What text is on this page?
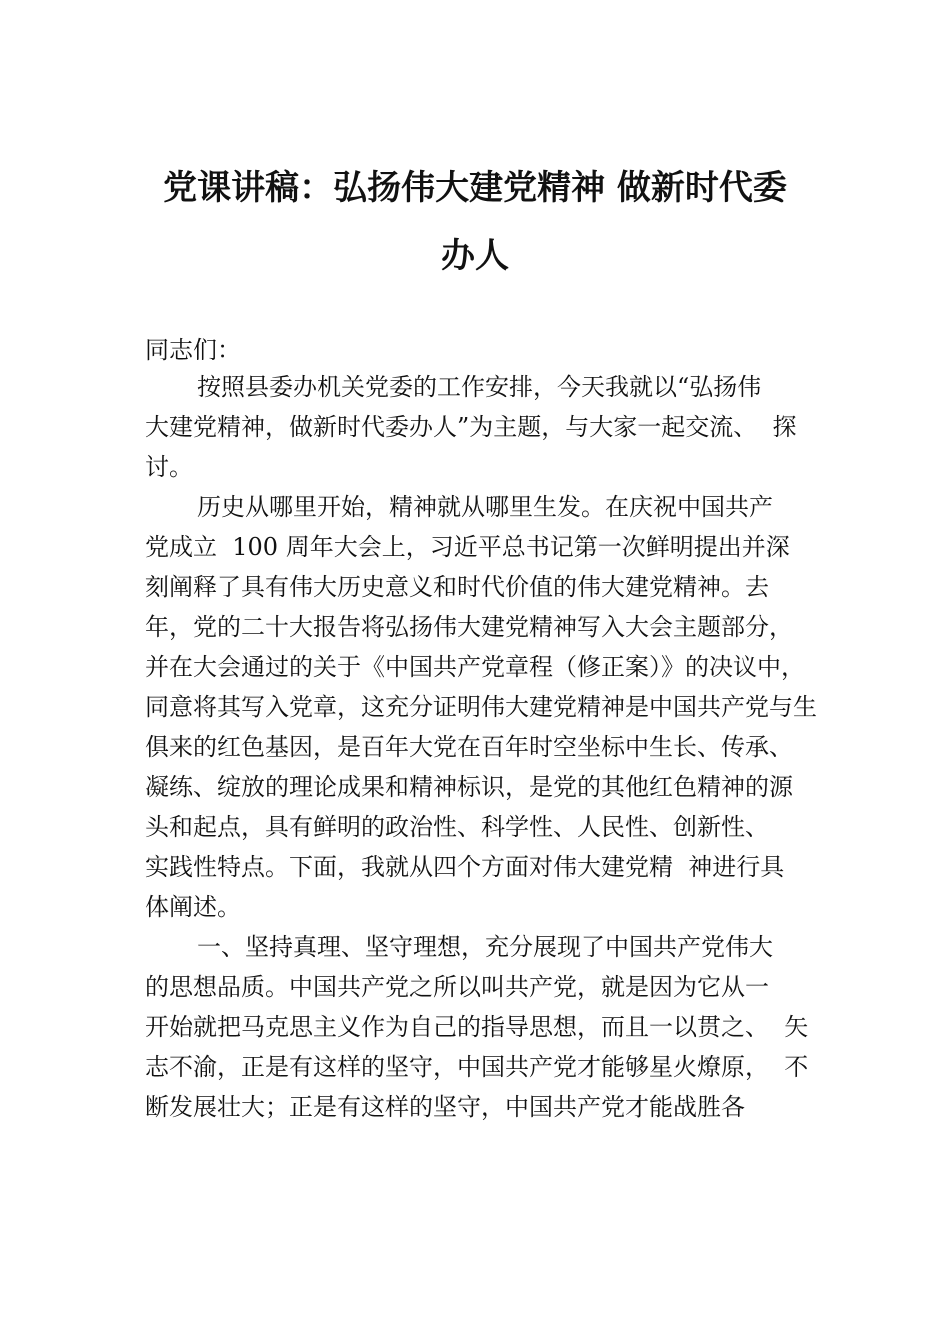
党课讲稿：弘扬伟大建党精神 做新时代委
办人
同志们：
按照县委办机关党委的工作安排，今天我就以“弘扬伟
大建党精神，做新时代委办人”为主题，与大家一起交流、  探
讨。
历史从哪里开始，精神就从哪里生发。在庆祝中国共产
党成立  100 周年大会上，习近平总书记第一次鲜明提出并深
刻阐释了具有伟大历史意义和时代价值的伟大建党精神。去
年，党的二十大报告将弘扬伟大建党精神写入大会主题部分，
并在大会通过的关于《中国共产党章程（修正案）》的决议中，
同意将其写入党章，这充分证明伟大建党精神是中国共产党与生
俱来的红色基因，是百年大党在百年时空坐标中生长、传承、
凝练、绽放的理论成果和精神标识，是党的其他红色精神的源
头和起点，具有鲜明的政治性、科学性、人民性、创新性、
实践性特点。下面，我就从四个方面对伟大建党精  神进行具
体阐述。
一、坚持真理、坚守理想，充分展现了中国共产党伟大
的思想品质。中国共产党之所以叫共产党，就是因为它从一
开始就把马克思主义作为自己的指导思想，而且一以贯之、  矢
志不渝，正是有这样的坚守，中国共产党才能够星火燎原，  不
断发展壮大；正是有这样的坚守，中国共产党才能战胜各
